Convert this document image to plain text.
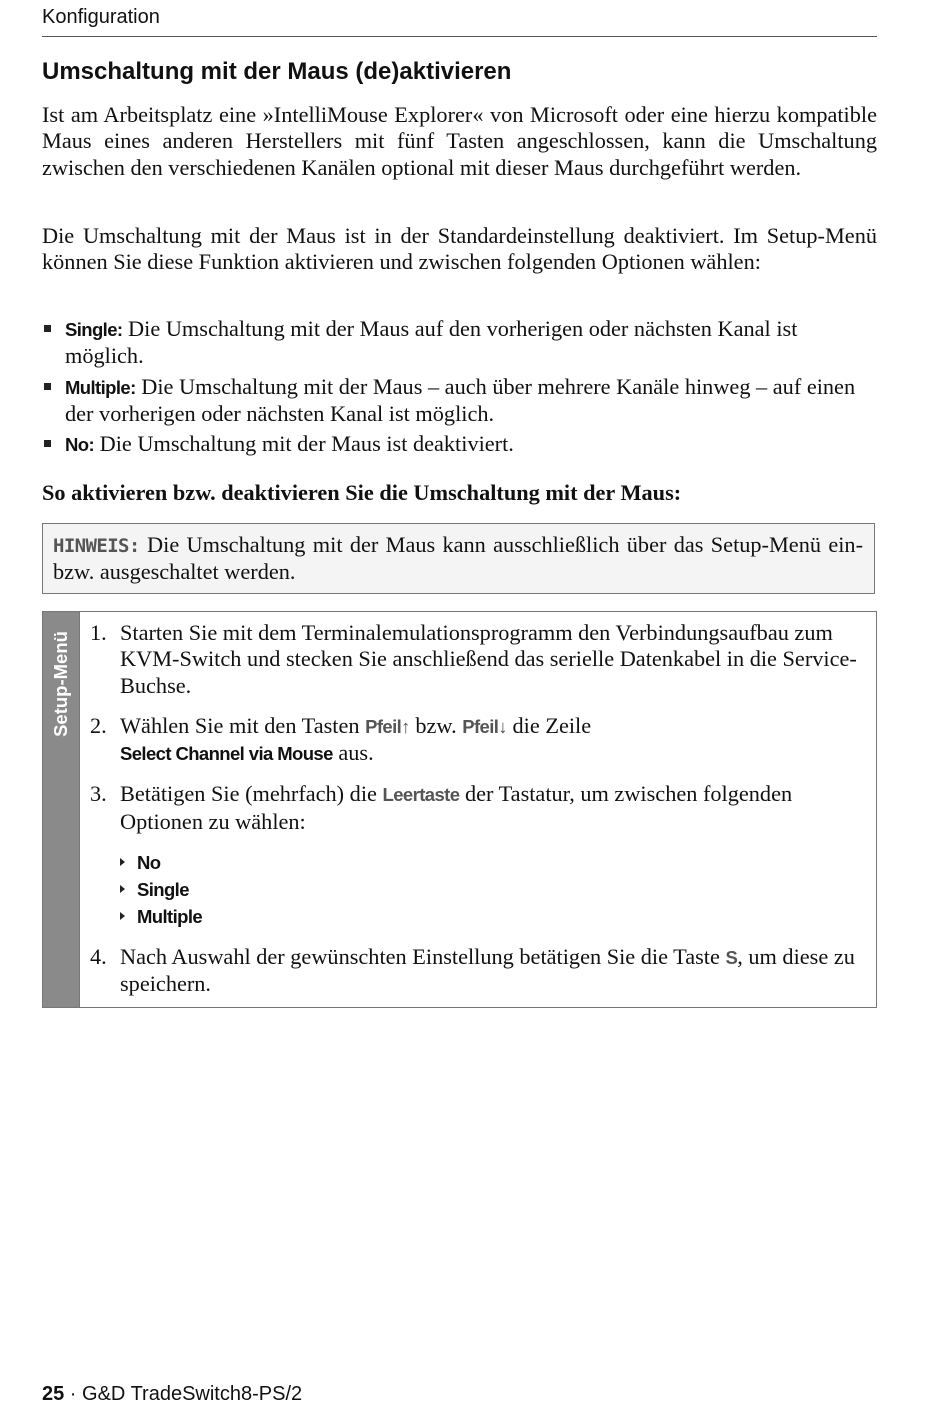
Konfiguration
Umschaltung mit der Maus (de)aktivieren

Ist am Arbeitsplatz eine »IntelliMouse Explorer« von Microsoft oder eine hierzu kompatible Maus eines anderen Herstellers mit fünf Tasten angeschlossen, kann die Umschaltung zwischen den verschiedenen Kanälen optional mit dieser Maus durchgeführt werden.

Die Umschaltung mit der Maus ist in der Standardeinstellung deaktiviert. Im Setup-Menü können Sie diese Funktion aktivieren und zwischen folgenden Optionen wählen:

Single: Die Umschaltung mit der Maus auf den vorherigen oder nächsten Kanal ist möglich.
Multiple: Die Umschaltung mit der Maus – auch über mehrere Kanäle hinweg – auf einen der vorherigen oder nächsten Kanal ist möglich.
No: Die Umschaltung mit der Maus ist deaktiviert.
So aktivieren bzw. deaktivieren Sie die Umschaltung mit der Maus:

HINWEIS: Die Umschaltung mit der Maus kann ausschließlich über das Setup-Menü ein- bzw. ausgeschaltet werden.

Setup-Menü 1. Starten Sie mit dem Terminalemulationsprogramm den Verbindungsaufbau zum KVM-Switch und stecken Sie anschließend das serielle Datenkabel in die Service-Buchse.
2. Wählen Sie mit den Tasten Pfeil↑ bzw. Pfeil↓ die Zeile
Select Channel via Mouse aus.
3. Betätigen Sie (mehrfach) die Leertaste der Tastatur, um zwischen folgenden Optionen zu wählen:
No
Single
Multiple
4. Nach Auswahl der gewünschten Einstellung betätigen Sie die Taste S, um diese zu speichern.
25 · G&D TradeSwitch8-PS/2
